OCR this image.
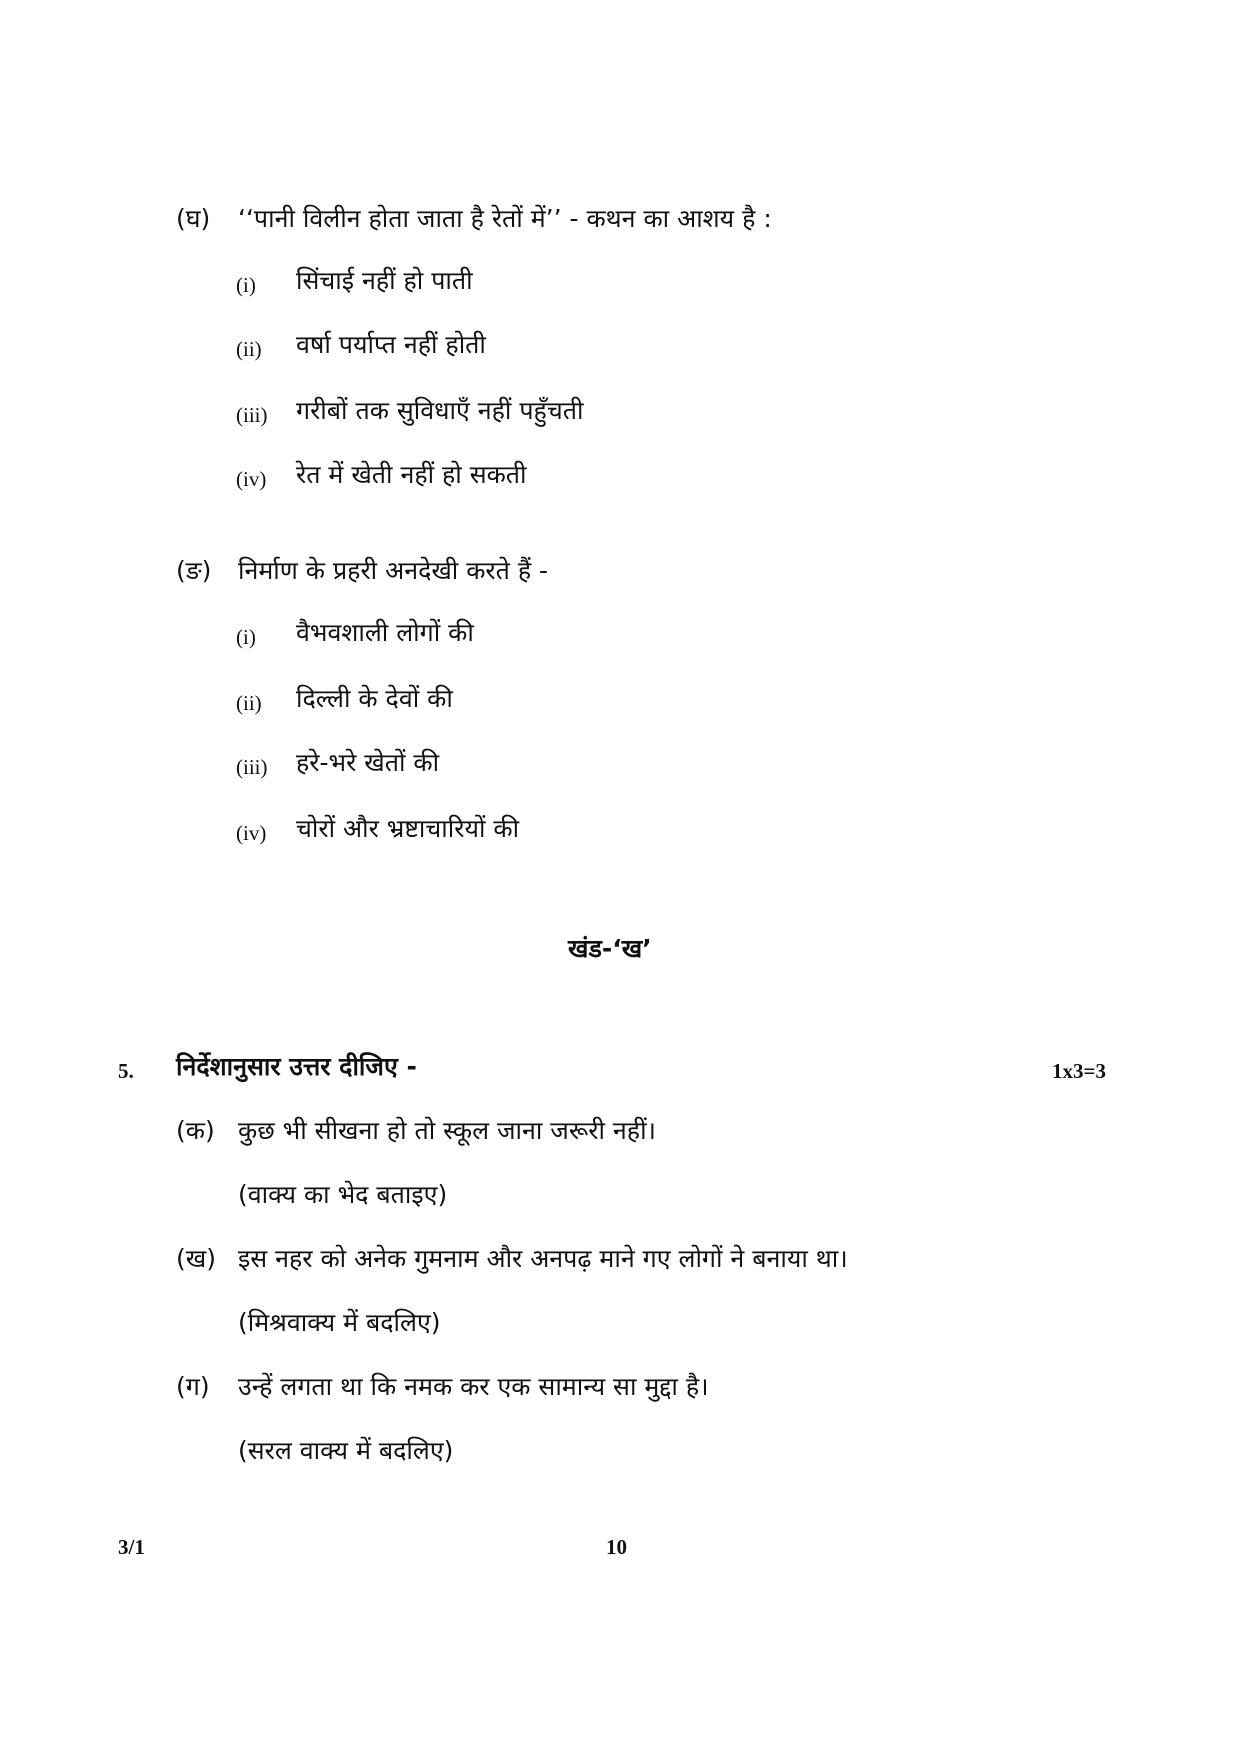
(घ) ‘‘पानी विलीन होता जाता है रेतों में’’ - कथन का आशय है :
(i) सिंचाई नहीं हो पाती
(ii) वर्षा पर्याप्त नहीं होती
(iii) गरीबों तक सुविधाएँ नहीं पहुँचती
(iv) रेत में खेती नहीं हो सकती
(ङ) निर्माण के प्रहरी अनदेखी करते हैं -
(i) वैभवशाली लोगों की
(ii) दिल्ली के देवों की
(iii) हरे-भरे खेतों की
(iv) चोरों और भ्रष्टाचारियों की
खंड-‘ख’
5. निर्देशानुसार उत्तर दीजिए -	1x3=3
(क) कुछ भी सीखना हो तो स्कूल जाना जरूरी नहीं।
(वाक्य का भेद बताइए)
(ख) इस नहर को अनेक गुमनाम और अनपढ़ माने गए लोगों ने बनाया था।
(मिश्रवाक्य में बदलिए)
(ग) उन्हें लगता था कि नमक कर एक सामान्य सा मुद्दा है।
(सरल वाक्य में बदलिए)
3/1	10
